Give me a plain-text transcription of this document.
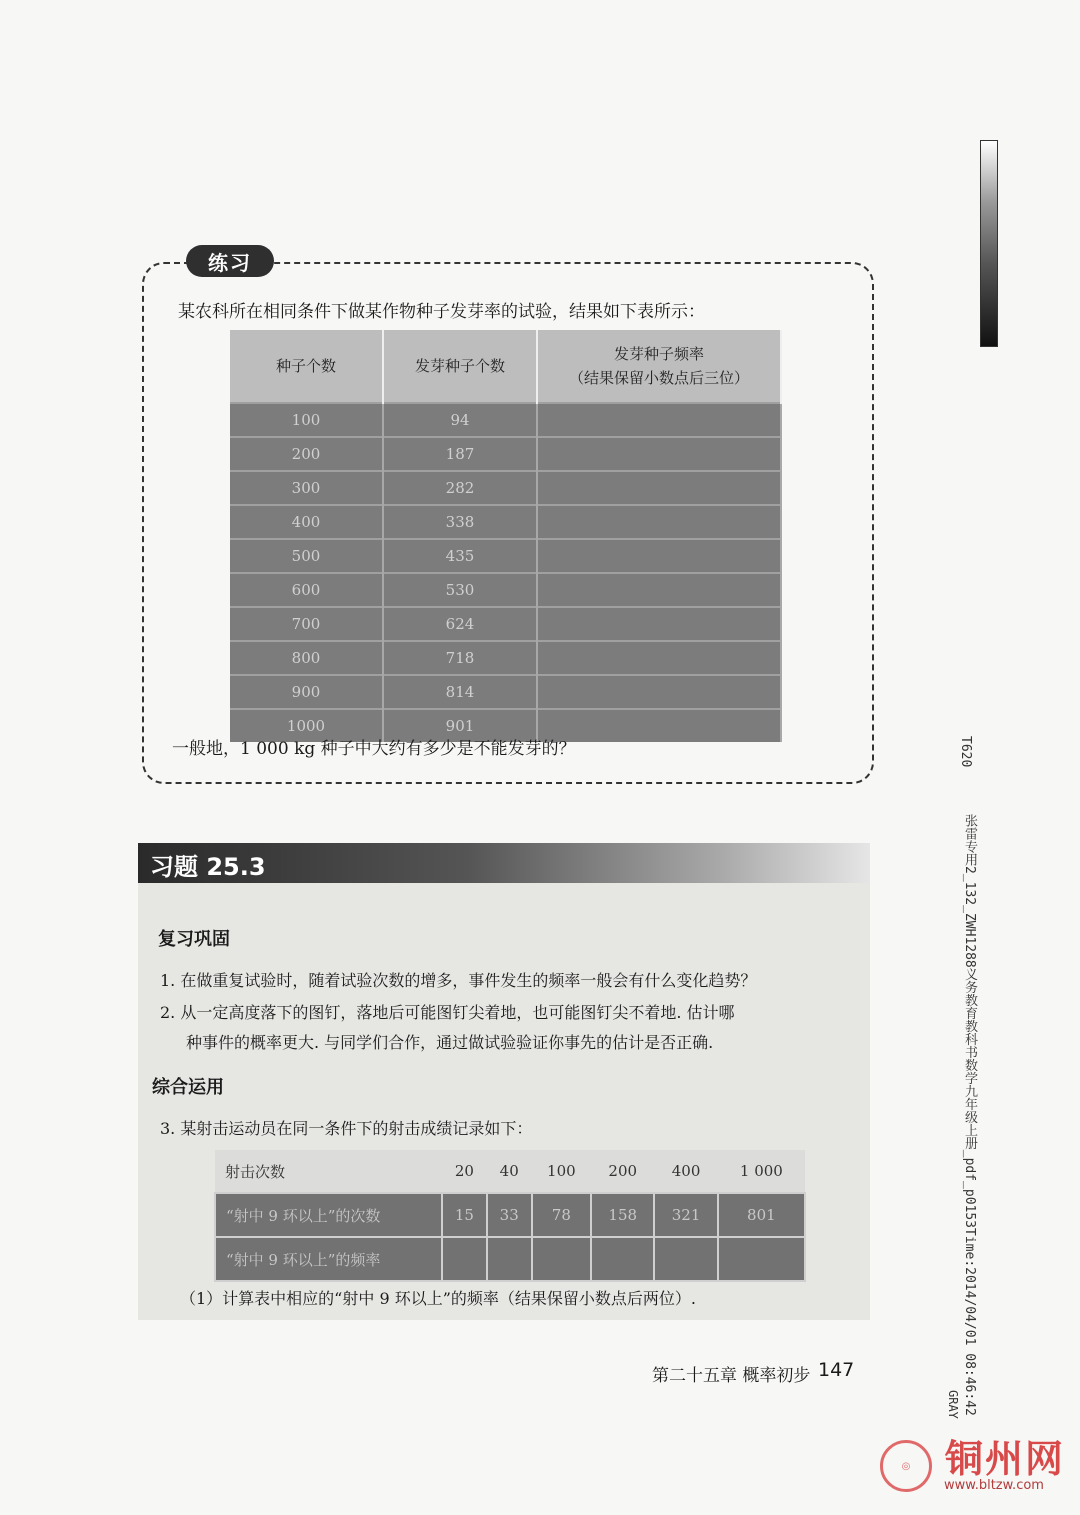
练习
某农科所在相同条件下做某作物种子发芽率的试验，结果如下表所示：
种子个数	发芽种子个数	发芽种子频率
（结果保留小数点后三位）

100	94	
200	187	
300	282	
400	338	
500	435	
600	530	
700	624	
800	718	
900	814	
1000	901	
一般地，1 000 kg 种子中大约有多少是不能发芽的？
习题 25.3
复习巩固
1. 在做重复试验时，随着试验次数的增多，事件发生的频率一般会有什么变化趋势？
2. 从一定高度落下的图钉，落地后可能图钉尖着地，也可能图钉尖不着地. 估计哪
种事件的概率更大. 与同学们合作，通过做试验验证你事先的估计是否正确.
综合运用
3. 某射击运动员在同一条件下的射击成绩记录如下：
射击次数	20	40	100	200	400	1 000
“射中 9 环以上”的次数	15	33	78	158	321	801
“射中 9 环以上”的频率						
（1）计算表中相应的“射中 9 环以上”的频率（结果保留小数点后两位）.
第二十五章 概率初步 147
T620
张雷专用2_132_ZWH1288义务教育教科书数学九年级上册_pdf_p0153Time:2014/04/01 08:46:42
GRAY
◎ 铜州网
www.bltzw.com
